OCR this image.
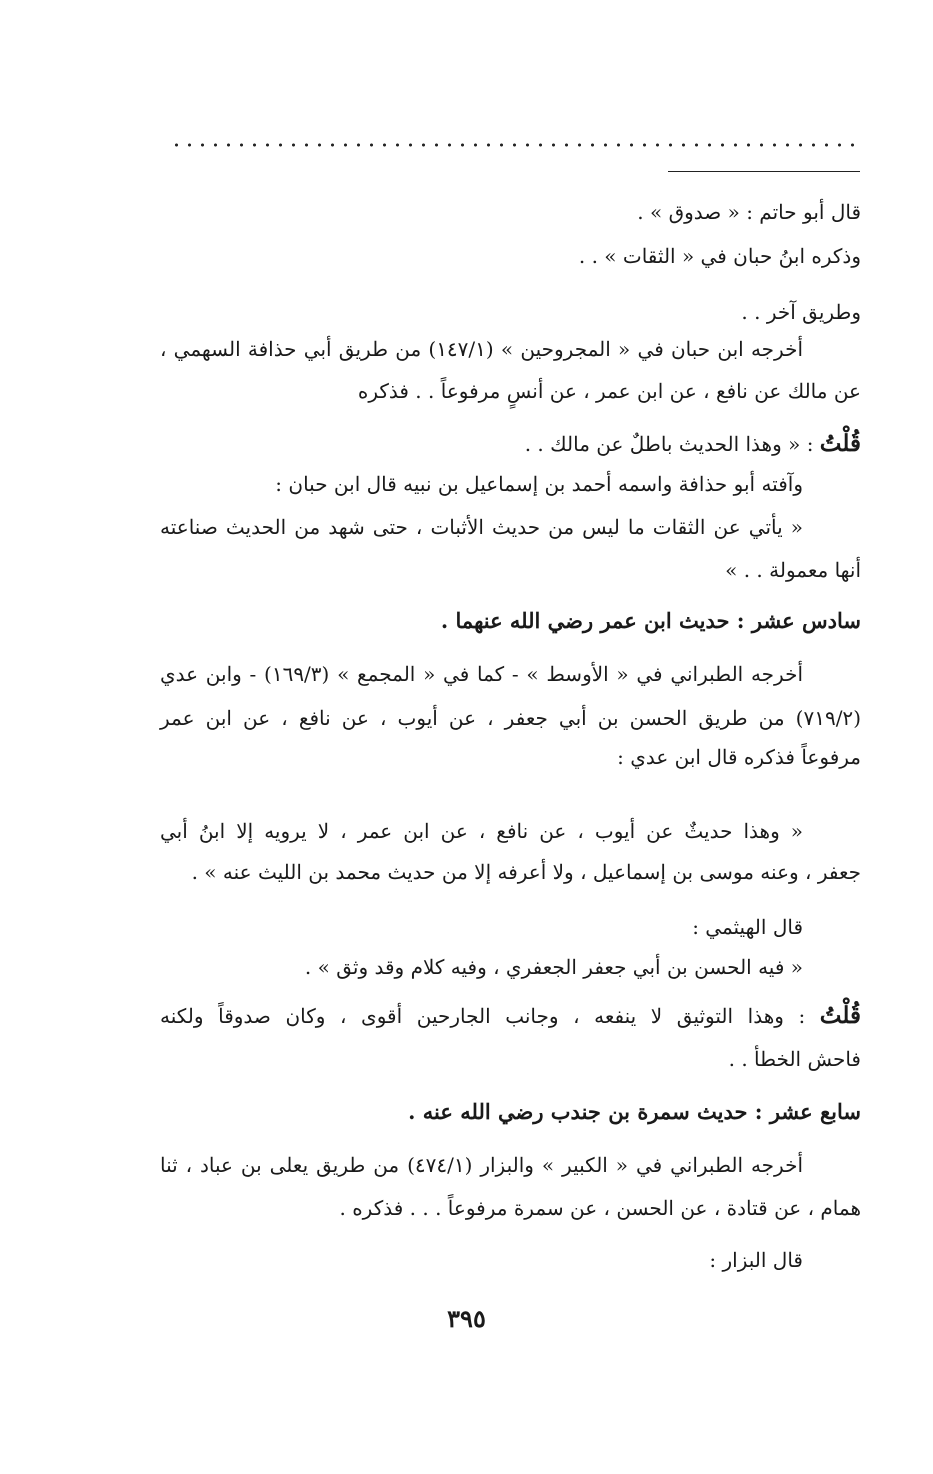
قال أبو حاتم : « صدوق » .
وذكره ابنُ حبان في « الثقات » . .
وطريق آخر . .
أخرجه ابن حبان في « المجروحين » (١٤٧/١) من طريق أبي حذافة السهمي ،
عن مالك عن نافع ، عن ابن عمر ، عن أنسٍ مرفوعاً . . فذكره
قُلْتُ : « وهذا الحديث باطلٌ عن مالك . .
وآفته أبو حذافة واسمه أحمد بن إسماعيل بن نبيه قال ابن حبان :
« يأتي عن الثقات ما ليس من حديث الأثبات ، حتى شهد من الحديث صناعته
أنها معمولة . . »
سادس عشر : حديث ابن عمر رضي الله عنهما .
أخرجه الطبراني في « الأوسط » - كما في « المجمع » (١٦٩/٣) - وابن عدي
(٧١٩/٢) من طريق الحسن بن أبي جعفر ، عن أيوب ، عن نافع ، عن ابن عمر
مرفوعاً فذكره قال ابن عدي :
« وهذا حديثٌ عن أيوب ، عن نافع ، عن ابن عمر ، لا يرويه إلا ابنُ أبي
جعفر ، وعنه موسى بن إسماعيل ، ولا أعرفه إلا من حديث محمد بن الليث عنه » .
قال الهيثمي :
« فيه الحسن بن أبي جعفر الجعفري ، وفيه كلام وقد وثق » .
قُلْتُ : وهذا التوثيق لا ينفعه ، وجانب الجارحين أقوى ، وكان صدوقاً ولكنه
فاحش الخطأ . .
سابع عشر : حديث سمرة بن جندب رضي الله عنه .
أخرجه الطبراني في « الكبير » والبزار (٤٧٤/١) من طريق يعلى بن عباد ، ثنا
همام ، عن قتادة ، عن الحسن ، عن سمرة مرفوعاً . . . فذكره .
قال البزار :
٣٩٥
